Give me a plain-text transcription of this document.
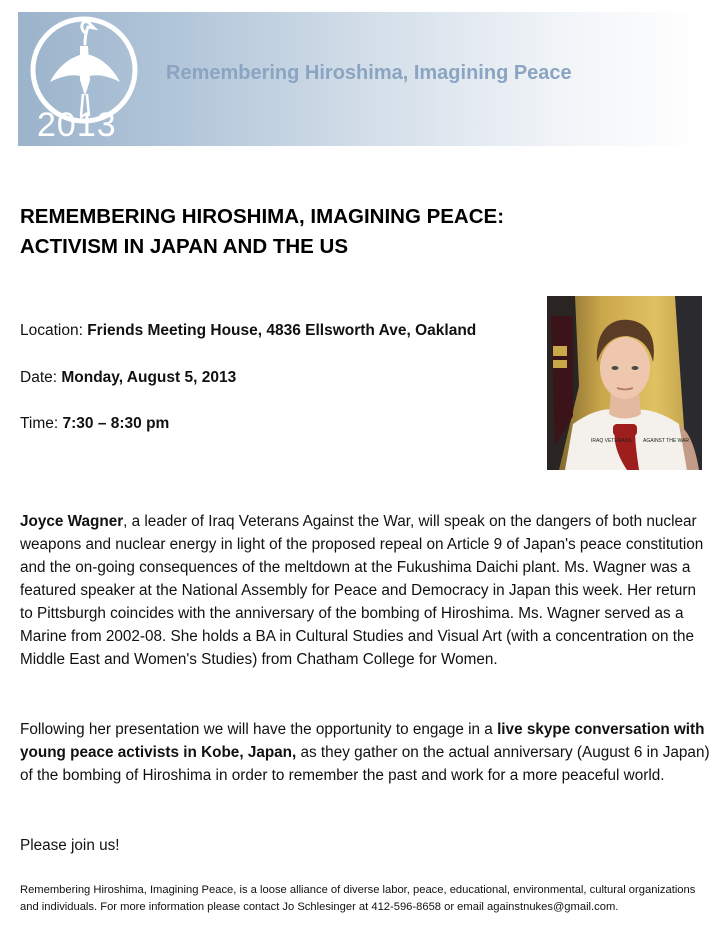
2013
Remembering Hiroshima, Imagining Peace
REMEMBERING HIROSHIMA, IMAGINING PEACE:
ACTIVISM IN JAPAN AND THE US
Location: Friends Meeting House, 4836 Ellsworth Ave, Oakland
Date: Monday, August 5, 2013
Time: 7:30 – 8:30 pm
IRAQ VETERANS AGAINST THE WAR
Joyce Wagner, a leader of Iraq Veterans Against the War, will speak on the dangers of both nuclear weapons and nuclear energy in light of the proposed repeal on Article 9 of Japan's peace constitution and the on-going consequences of the meltdown at the Fukushima Daichi plant. Ms. Wagner was a featured speaker at the National Assembly for Peace and Democracy in Japan this week. Her return to Pittsburgh coincides with the anniversary of the bombing of Hiroshima. Ms. Wagner served as a Marine from 2002-08. She holds a BA in Cultural Studies and Visual Art (with a concentration on the Middle East and Women's Studies) from Chatham College for Women.
Following her presentation we will have the opportunity to engage in a live skype conversation with young peace activists in Kobe, Japan, as they gather on the actual anniversary (August 6 in Japan) of the bombing of Hiroshima in order to remember the past and work for a more peaceful world.
Please join us!
Remembering Hiroshima, Imagining Peace, is a loose alliance of diverse labor, peace, educational, environmental, cultural organizations and individuals. For more information please contact Jo Schlesinger at 412-596-8658 or email againstnukes@gmail.com.
